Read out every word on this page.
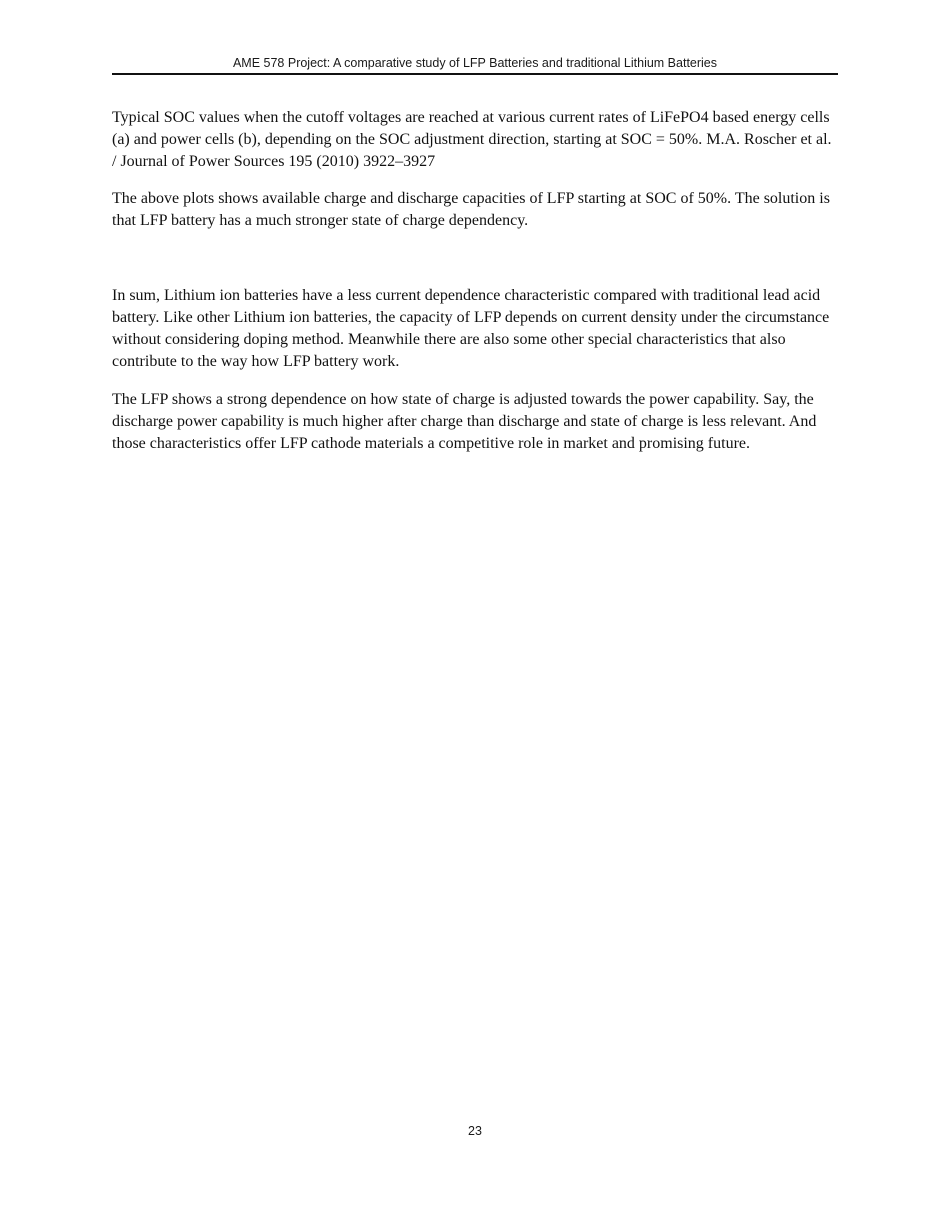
AME 578 Project: A comparative study of LFP Batteries and traditional Lithium Batteries

Typical SOC values when the cutoff voltages are reached at various current rates of LiFePO4 based energy cells (a) and power cells (b), depending on the SOC adjustment direction, starting at SOC = 50%. M.A. Roscher et al. / Journal of Power Sources 195 (2010) 3922–3927

The above plots shows available charge and discharge capacities of LFP starting at SOC of 50%. The solution is that LFP battery has a much stronger state of charge dependency.

In sum, Lithium ion batteries have a less current dependence characteristic compared with traditional lead acid battery. Like other Lithium ion batteries, the capacity of LFP depends on current density under the circumstance without considering doping method. Meanwhile there are also some other special characteristics that also contribute to the way how LFP battery work.

The LFP shows a strong dependence on how state of charge is adjusted towards the power capability. Say, the discharge power capability is much higher after charge than discharge and state of charge is less relevant. And those characteristics offer LFP cathode materials a competitive role in market and promising future.

23
